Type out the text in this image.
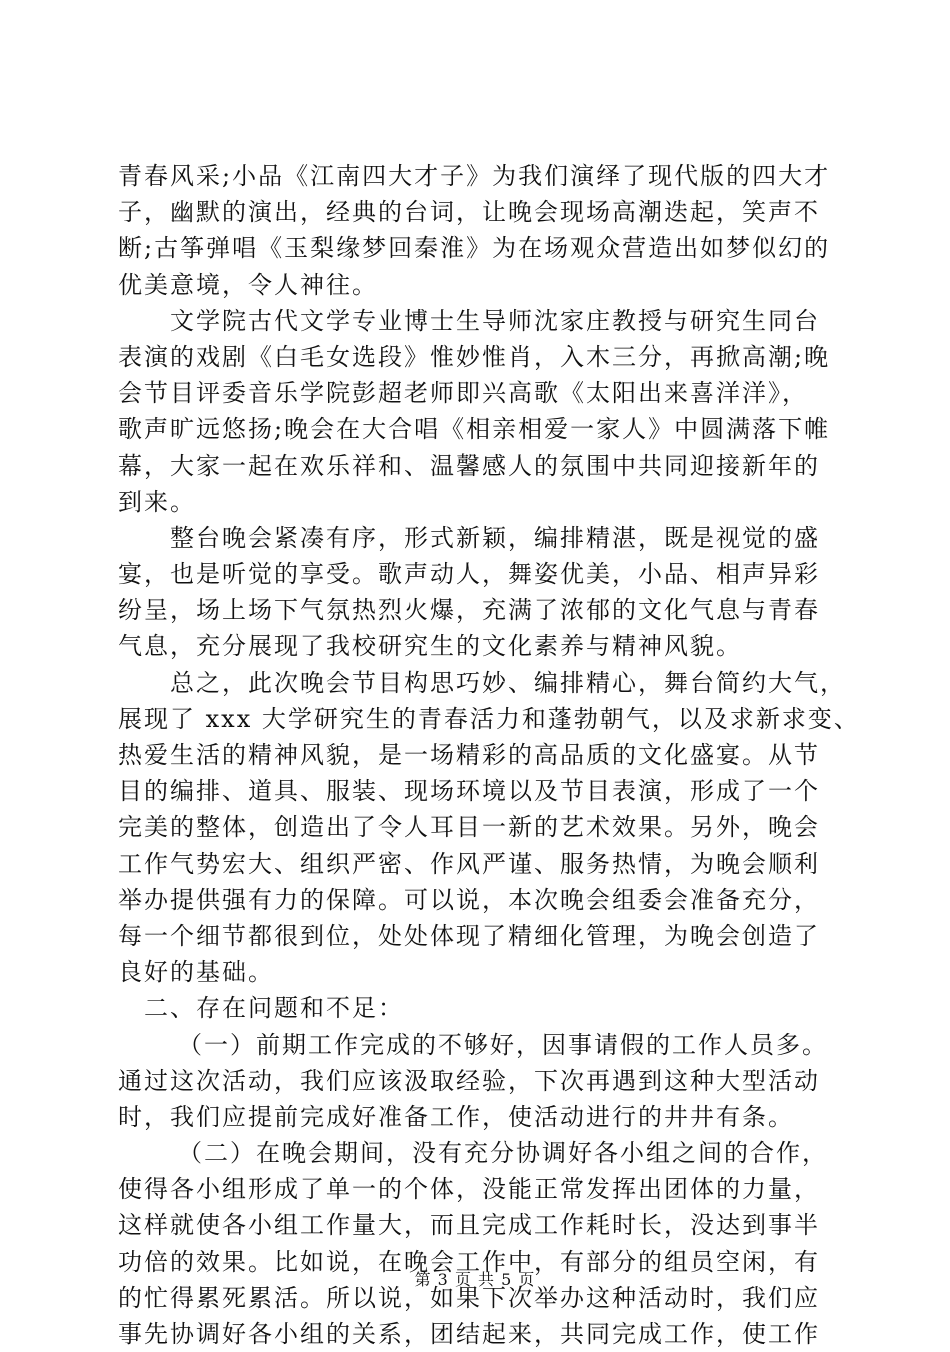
青春风采;小品《江南四大才子》为我们演绎了现代版的四大才
子，幽默的演出，经典的台词，让晚会现场高潮迭起，笑声不
断;古筝弹唱《玉梨缘梦回秦淮》为在场观众营造出如梦似幻的
优美意境，令人神往。
文学院古代文学专业博士生导师沈家庄教授与研究生同台
表演的戏剧《白毛女选段》惟妙惟肖，入木三分，再掀高潮;晚
会节目评委音乐学院彭超老师即兴高歌《太阳出来喜洋洋》，
歌声旷远悠扬;晚会在大合唱《相亲相爱一家人》中圆满落下帷
幕，大家一起在欢乐祥和、温馨感人的氛围中共同迎接新年的
到来。
整台晚会紧凑有序，形式新颖，编排精湛，既是视觉的盛
宴，也是听觉的享受。歌声动人，舞姿优美，小品、相声异彩
纷呈，场上场下气氛热烈火爆，充满了浓郁的文化气息与青春
气息，充分展现了我校研究生的文化素养与精神风貌。
总之，此次晚会节目构思巧妙、编排精心，舞台简约大气，
展现了 xxx 大学研究生的青春活力和蓬勃朝气，以及求新求变、
热爱生活的精神风貌，是一场精彩的高品质的文化盛宴。从节
目的编排、道具、服装、现场环境以及节目表演，形成了一个
完美的整体，创造出了令人耳目一新的艺术效果。另外，晚会
工作气势宏大、组织严密、作风严谨、服务热情，为晚会顺利
举办提供强有力的保障。可以说，本次晚会组委会准备充分，
每一个细节都很到位，处处体现了精细化管理，为晚会创造了
良好的基础。
二、存在问题和不足：
（一）前期工作完成的不够好，因事请假的工作人员多。
通过这次活动，我们应该汲取经验，下次再遇到这种大型活动
时，我们应提前完成好准备工作，使活动进行的井井有条。
（二）在晚会期间，没有充分协调好各小组之间的合作，
使得各小组形成了单一的个体，没能正常发挥出团体的力量，
这样就使各小组工作量大，而且完成工作耗时长，没达到事半
功倍的效果。比如说，在晚会工作中，有部分的组员空闲，有
的忙得累死累活。所以说，如果下次举办这种活动时，我们应
事先协调好各小组的关系，团结起来，共同完成工作，使工作
第 3 页 共 5 页
